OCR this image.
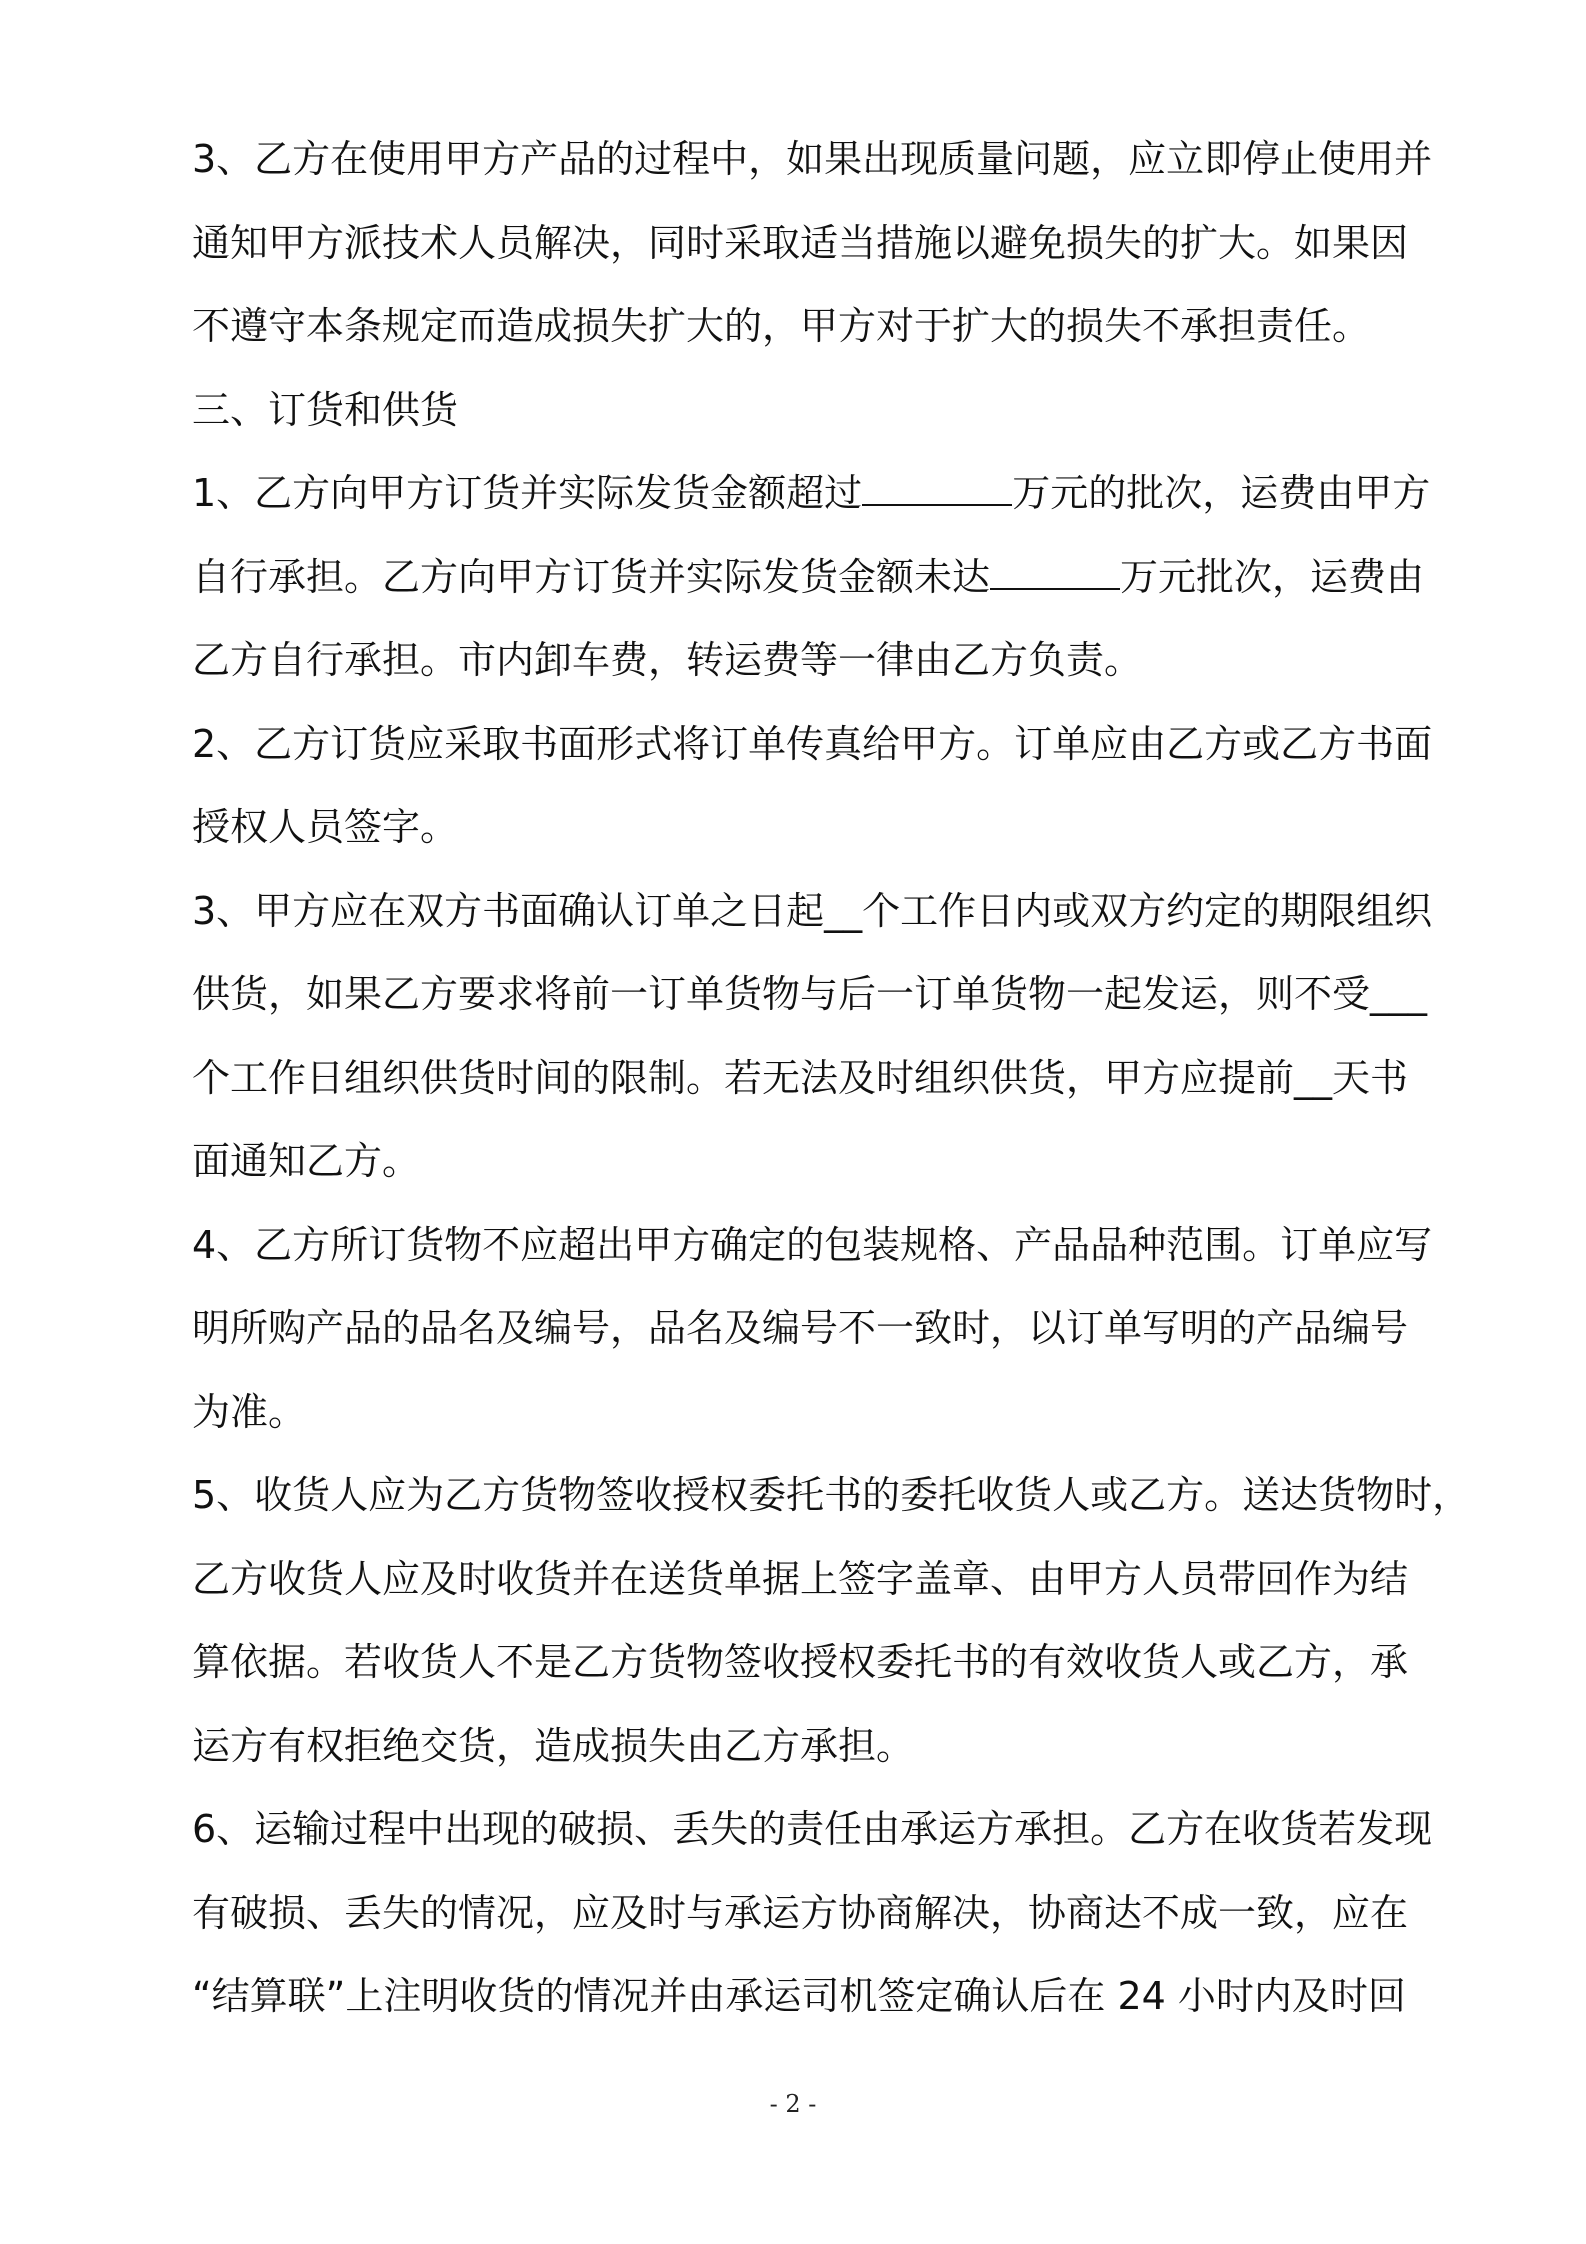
3、乙方在使用甲方产品的过程中，如果出现质量问题，应立即停止使用并
通知甲方派技术人员解决，同时采取适当措施以避免损失的扩大。如果因
不遵守本条规定而造成损失扩大的，甲方对于扩大的损失不承担责任。
三、订货和供货
1、乙方向甲方订货并实际发货金额超过	万元的批次，运费由甲方
自行承担。乙方向甲方订货并实际发货金额未达	万元批次，运费由
乙方自行承担。市内卸车费，转运费等一律由乙方负责。
2、乙方订货应采取书面形式将订单传真给甲方。订单应由乙方或乙方书面
授权人员签字。
3、甲方应在双方书面确认订单之日起__个工作日内或双方约定的期限组织
供货，如果乙方要求将前一订单货物与后一订单货物一起发运，则不受___
个工作日组织供货时间的限制。若无法及时组织供货，甲方应提前__天书
面通知乙方。
4、乙方所订货物不应超出甲方确定的包装规格、产品品种范围。订单应写
明所购产品的品名及编号，品名及编号不一致时，以订单写明的产品编号
为准。
5、收货人应为乙方货物签收授权委托书的委托收货人或乙方。送达货物时，
乙方收货人应及时收货并在送货单据上签字盖章、由甲方人员带回作为结
算依据。若收货人不是乙方货物签收授权委托书的有效收货人或乙方，承
运方有权拒绝交货，造成损失由乙方承担。
6、运输过程中出现的破损、丢失的责任由承运方承担。乙方在收货若发现
有破损、丢失的情况，应及时与承运方协商解决，协商达不成一致，应在
“结算联”上注明收货的情况并由承运司机签定确认后在 24 小时内及时回
- 2 -
